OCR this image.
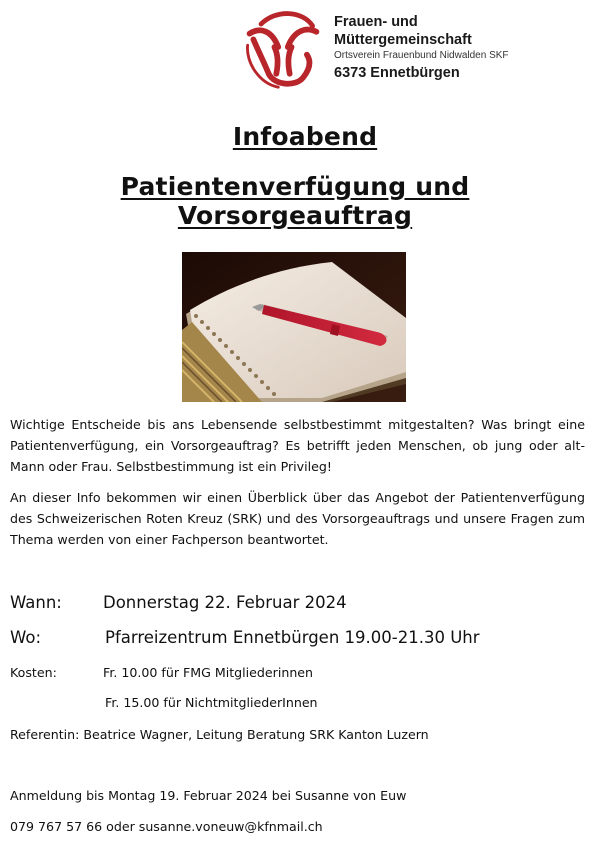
Frauen- und
Müttergemeinschaft
Ortsverein Frauenbund Nidwalden SKF
6373 Ennetbürgen
Infoabend
Patientenverfügung und Vorsorgeauftrag
Wichtige Entscheide bis ans Lebensende selbstbestimmt mitgestalten? Was bringt eine Patientenverfügung, ein Vorsorgeauftrag? Es betrifft jeden Menschen, ob jung oder alt- Mann oder Frau. Selbstbestimmung ist ein Privileg!
An dieser Info bekommen wir einen Überblick über das Angebot der Patientenverfügung des Schweizerischen Roten Kreuz (SRK) und des Vorsorgeauftrags und unsere Fragen zum Thema werden von einer Fachperson beantwortet.
Wann: Donnerstag 22. Februar 2024
Wo:	Pfarreizentrum Ennetbürgen 19.00-21.30 Uhr
Kosten:	Fr. 10.00 für FMG Mitgliederinnen
Fr. 15.00 für NichtmitgliederInnen
Referentin: Beatrice Wagner, Leitung Beratung SRK Kanton Luzern
Anmeldung bis Montag 19. Februar 2024 bei Susanne von Euw
079 767 57 66 oder susanne.voneuw@kfnmail.ch
